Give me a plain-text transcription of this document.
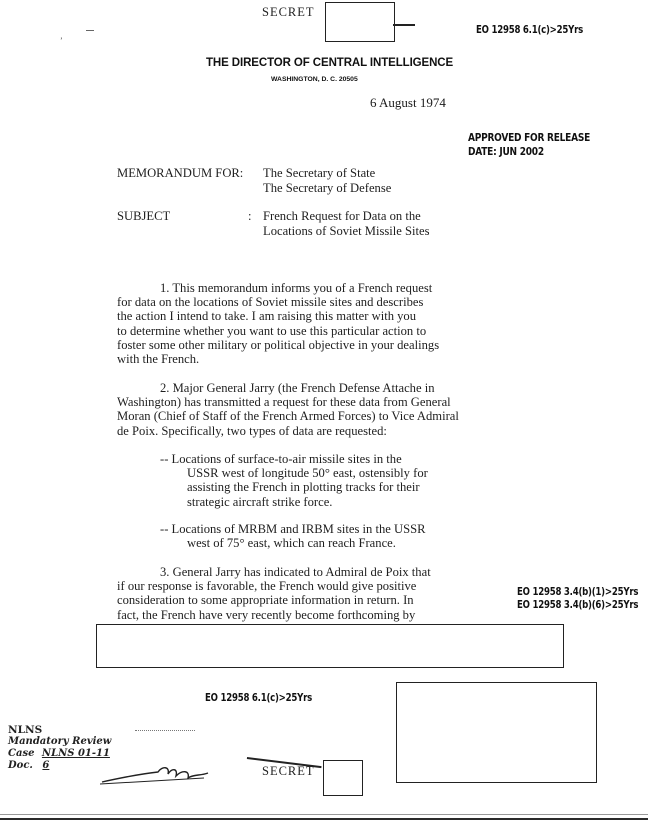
SECRET
EO 12958 6.1(c)>25Yrs
’
THE DIRECTOR OF CENTRAL INTELLIGENCE
WASHINGTON, D. C. 20505
6 August 1974
APPROVED FOR RELEASE
DATE: JUN 2002
MEMORANDUM FOR: The Secretary of State
The Secretary of Defense
SUBJECT	: French Request for Data on the
Locations of Soviet Missile Sites
1. This memorandum informs you of a French request
for data on the locations of Soviet missile sites and describes
the action I intend to take. I am raising this matter with you
to determine whether you want to use this particular action to
foster some other military or political objective in your dealings
with the French.
2. Major General Jarry (the French Defense Attache in
Washington) has transmitted a request for these data from General
Moran (Chief of Staff of the French Armed Forces) to Vice Admiral
de Poix. Specifically, two types of data are requested:
-- Locations of surface-to-air missile sites in the
USSR west of longitude 50° east, ostensibly for
assisting the French in plotting tracks for their
strategic aircraft strike force.
-- Locations of MRBM and IRBM sites in the USSR
west of 75° east, which can reach France.
3. General Jarry has indicated to Admiral de Poix that
if our response is favorable, the French would give positive
consideration to some appropriate information in return. In
fact, the French have very recently become forthcoming by
EO 12958 3.4(b)(1)>25Yrs
EO 12958 3.4(b)(6)>25Yrs
EO 12958 6.1(c)>25Yrs
NLNS
Mandatory Review
Case NLNS 01-11
Doc. 6	SECRET
